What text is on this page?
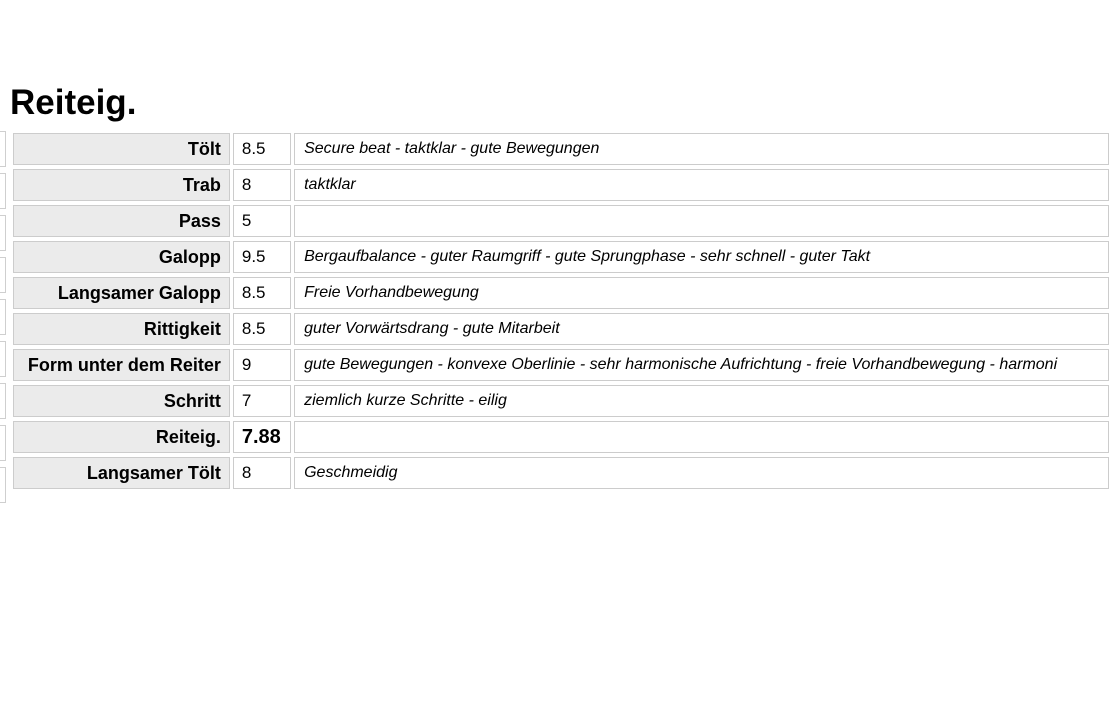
Reiteig.
Tölt	8.5	Secure beat - taktklar - gute Bewegungen
Trab	8	taktklar
Pass	5	
Galopp	9.5	Bergaufbalance - guter Raumgriff - gute Sprungphase - sehr schnell - guter Takt
Langsamer Galopp	8.5	Freie Vorhandbewegung
Rittigkeit	8.5	guter Vorwärtsdrang - gute Mitarbeit
Form unter dem Reiter	9	gute Bewegungen - konvexe Oberlinie - sehr harmonische Aufrichtung - freie Vorhandbewegung - harmoni
Schritt	7	ziemlich kurze Schritte - eilig
Reiteig.	7.88	
Langsamer Tölt	8	Geschmeidig
